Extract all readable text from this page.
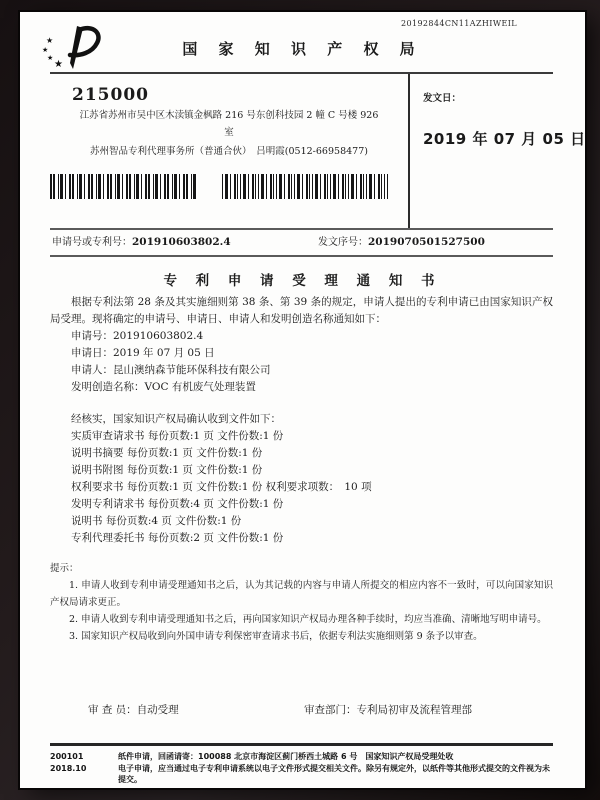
★
★
★
★
国 家 知 识 产 权 局
20192844CN11AZHIWEIL
215000
江苏省苏州市吴中区木渎镇金枫路 216 号东创科技园 2 幢 C 号楼 926
室
苏州智品专利代理事务所（普通合伙）　吕明霞(0512-66958477)
发文日：
2019 年 07 月 05 日
申请号或专利号：201910603802.4	发文序号：2019070501527500
专 利 申 请 受 理 通 知 书
根据专利法第 28 条及其实施细则第 38 条、第 39 条的规定，申请人提出的专利申请已由国家知识产权局受理。现将确定的申请号、申请日、申请人和发明创造名称通知如下：
申请号：201910603802.4
申请日：2019 年 07 月 05 日
申请人：昆山澳纳森节能环保科技有限公司
发明创造名称：VOC 有机废气处理装置
经核实，国家知识产权局确认收到文件如下：
实质审查请求书 每份页数:1 页 文件份数:1 份
说明书摘要 每份页数:1 页 文件份数:1 份
说明书附图 每份页数:1 页 文件份数:1 份
权利要求书 每份页数:1 页 文件份数:1 份 权利要求项数：　10 项
发明专利请求书 每份页数:4 页 文件份数:1 份
说明书 每份页数:4 页 文件份数:1 份
专利代理委托书 每份页数:2 页 文件份数:1 份
提示：
1. 申请人收到专利申请受理通知书之后，认为其记载的内容与申请人所提交的相应内容不一致时，可以向国家知识产权局请求更正。
2. 申请人收到专利申请受理通知书之后，再向国家知识产权局办理各种手续时，均应当准确、清晰地写明申请号。
3. 国家知识产权局收到向外国申请专利保密审查请求书后，依据专利法实施细则第 9 条予以审查。
审 查 员：自动受理	审查部门：专利局初审及流程管理部
200101	纸件申请，回函请寄：100088 北京市海淀区蓟门桥西土城路 6 号　国家知识产权局受理处收
2018.10	电子申请，应当通过电子专利申请系统以电子文件形式提交相关文件。除另有规定外，以纸件等其他形式提交的文件视为未提交。
